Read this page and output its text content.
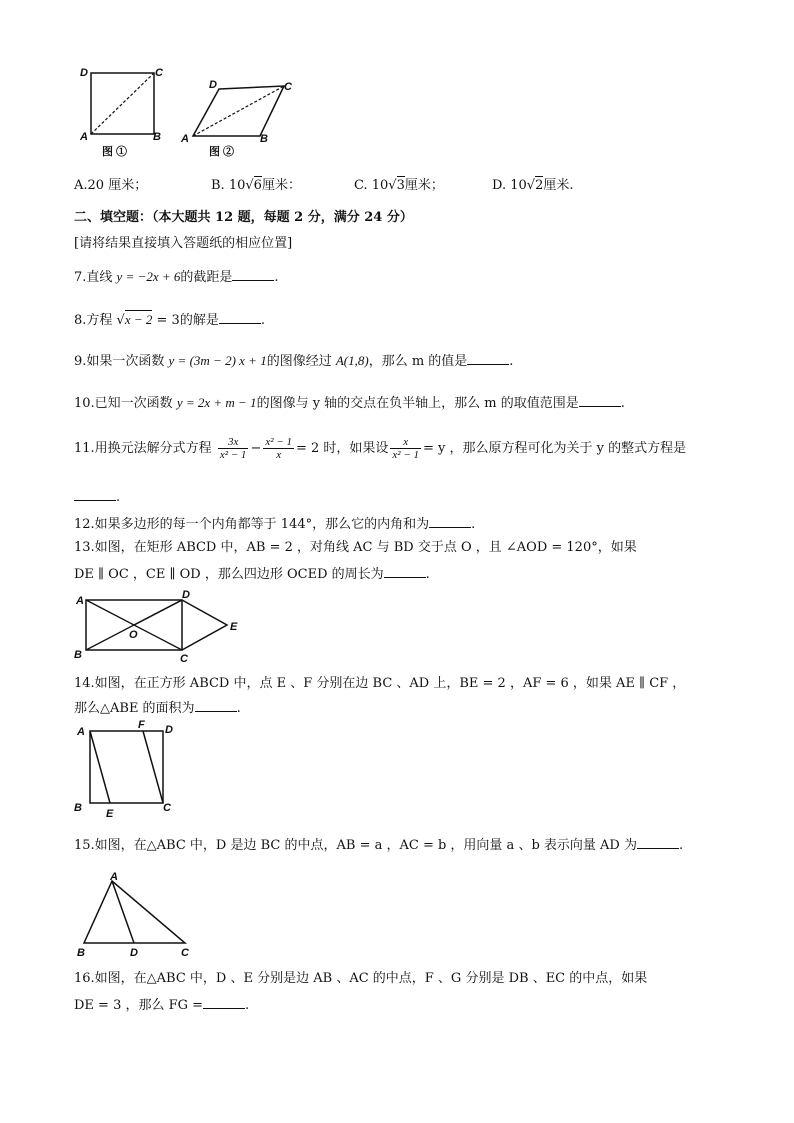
D	C
A	B
图 ①
D	C
A	B
图 ②
A.20 厘米；	B. 10√6厘米：	C. 10√3厘米；	D. 10√2厘米.
二、填空题：（本大题共 12 题，每题 2 分，满分 24 分）
[请将结果直接填入答题纸的相应位置]
7.直线 y = −2x + 6的截距是	.
8.方程 √x − 2 = 3的解是	.
9.如果一次函数 y = (3m − 2) x + 1的图像经过 A(1,8)，那么 m 的值是	.
10.已知一次函数 y = 2x + m − 1的图像与 y 轴的交点在负半轴上，那么 m 的取值范围是	.
11.用换元法解分式方程 $\frac{3x}{\text{x² − 1}} - \frac{\text{x² − 1}}{x} = 2$ 时，如果设 $\frac{x}{\text{x² − 1}} = y$ ，那么原方程可化为关于 y 的整式方程是
.
12.如果多边形的每一个内角都等于 144°，那么它的内角和为	.
13.如图，在矩形 ABCD 中，AB = 2 ，对角线 AC 与 BD 交于点 O ，且 ∠AOD = 120°，如果
DE ∥ OC ，CE ∥ OD ，那么四边形 OCED 的周长为	.
A	D
E
O
B	C
14.如图，在正方形 ABCD 中，点 E 、F 分别在边 BC 、AD 上，BE = 2 ，AF = 6 ，如果 AE ∥ CF ，
那么△ABE 的面积为	.
A
F D
B E	C
15.如图，在△ABC 中，D 是边 BC 的中点，AB = a ，AC = b ，用向量 a 、b 表示向量 AD 为	.
A
B	D	C
16.如图，在△ABC 中，D 、E 分别是边 AB 、AC 的中点，F 、G 分别是 DB 、EC 的中点，如果
DE = 3 ，那么 FG =	.
